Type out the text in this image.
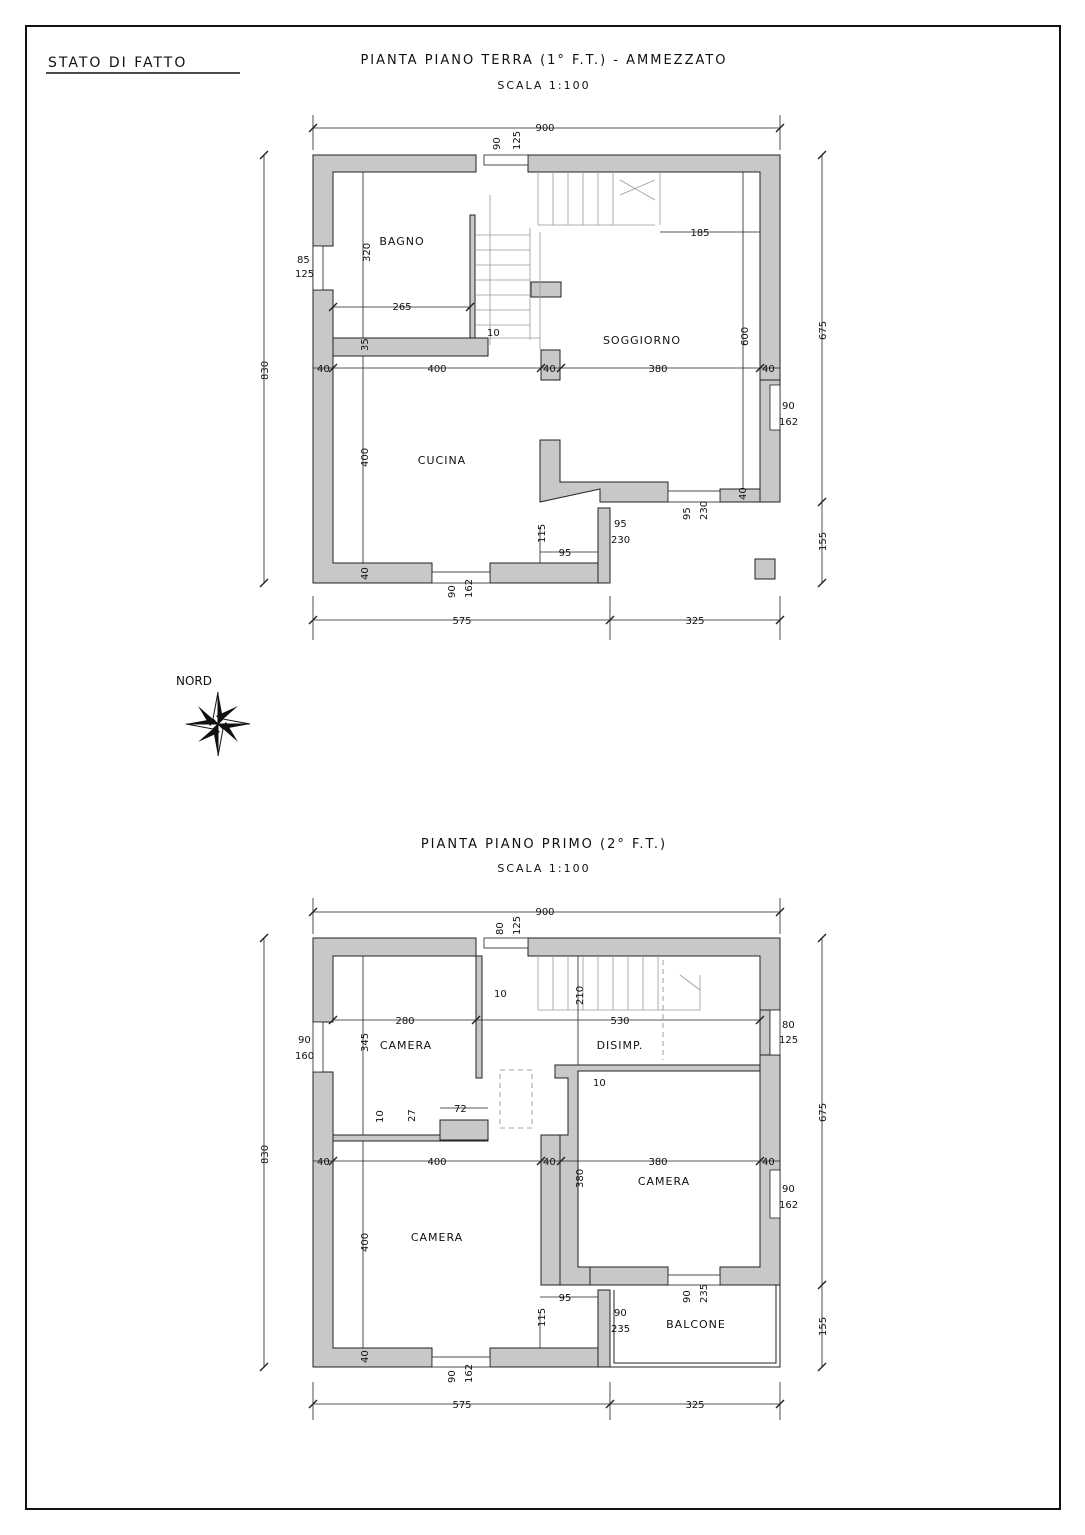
STATO DI FATTO	PIANTA PIANO TERRA (1° F.T.) - AMMEZZATO
SCALA 1:100
BAGNO
SOGGIORNO
CUCINA
900
90 125
85
125
320
265
10
35
40	400	40	380	40
185
600
90
162
400
40
95
230
95 230
115
95
40
90 162
830
675
155
575	325
NORD
PIANTA PIANO PRIMO (2° F.T.)
SCALA 1:100
CAMERA	DISIMP.
CAMERA
CAMERA
BALCONE
900
80 125
10	210
280	530
90
160
80
125
345
10
72
27
10
40	400	40	380	40
380
90
162
400
95
115	90
235
90 235
40
90 162
830
675
155
575	325
